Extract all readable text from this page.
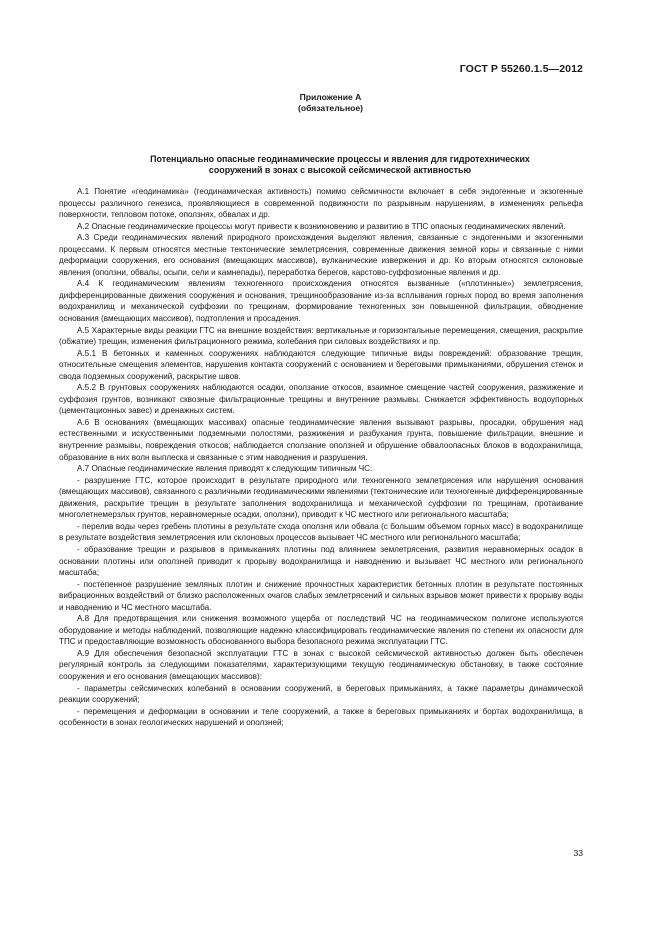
ГОСТ Р 55260.1.5—2012
Приложение А
(обязательное)
Потенциально опасные геодинамические процессы и явления для гидротехнических
сооружений в зонах с высокой сейсмической активностью

А.1 Понятие «геодинамика» (геодинамическая активность) помимо сейсмичности включает в себя эндогенные и экзогенные процессы различного генезиса, проявляющиеся в современной подвижности по разрывным нарушениям, в изменениях рельефа поверхности, тепловом потоке, оползнях, обвалах и др.

А.2 Опасные геодинамические процессы могут привести к возникновению и развитию в ТПС опасных геодинамических явлений.

А.3 Среди геодинамических явлений природного происхождения выделяют явления, связанные с эндогенными и экзогенными процессами. К первым относятся местные тектонические землетрясения, современные движения земной коры и связанные с ними деформации сооружения, его основания (вмещающих массивов), вулканические извержения и др. Ко вторым относятся склоновые явления (оползни, обвалы, осыпи, сели и камнепады), переработка берегов, карстово-суффозионные явления и др.

А.4 К геодинамическим явлениям техногенного происхождения относятся вызванные («плотинные») землетрясения, дифференцированные движения сооружения и основания, трещинообразование из-за всплывания горных пород во время заполнения водохранилищ и механической суффозии по трещинам, формирование техногенных зон повышенной фильтрации, обводнение основания (вмещающих массивов), подтопления и просадения.

А.5 Характерные виды реакции ГТС на внешние воздействия: вертикальные и горизонтальные перемещения, смещения, раскрытие (обжатие) трещин, изменения фильтрационного режима, колебания при силовых воздействиях и пр.

А.5.1 В бетонных и каменных сооружениях наблюдаются следующие типичные виды повреждений: образование трещин, относительные смещения элементов, нарушения контакта сооружений с основанием и береговыми примыканиями, обрушения стенок и свода подземных сооружений, раскрытие швов.

А.5.2 В грунтовых сооружениях наблюдаются осадки, оползание откосов, взаимное смещение частей сооружения, разжижение и суффозия грунтов, возникают сквозные фильтрационные трещины и внутренние размывы. Снижается эффективность водоупорных (цементационных завес) и дренажных систем.

А.6 В основаниях (вмещающих массивах) опасные геодинамические явления вызывают разрывы, просадки, обрушения над естественными и искусственными подземными полостями, разжижения и разбухания грунта, повышение фильтрации, внешние и внутренние размывы, повреждения откосов; наблюдается сползание оползней и обрушение обвалоопасных блоков в водохранилища, образование в них волн выплеска и связанные с этим наводнения и разрушения.

А.7 Опасные геодинамические явления приводят к следующим типичным ЧС:

- разрушение ГТС, которое происходит в результате природного или техногенного землетрясения или нарушения основания (вмещающих массивов), связанного с различными геодинамическими явлениями (тектонические или техногенные дифференцированные движения, раскрытие трещин в результате заполнения водохранилища и механической суффозии по трещинам, протаивание многолетнемерзлых грунтов, неравномерные осадки, оползни), приводит к ЧС местного или регионального масштаба;

- перелив воды через гребень плотины в результате схода оползня или обвала (с большим объемом горных масс) в водохранилище в результате воздействия землетрясения или склоновых процессов вызывает ЧС местного или регионального масштаба;

- образование трещин и разрывов в примыканиях плотины под влиянием землетрясения, развития неравномерных осадок в основании плотины или оползней приводит к прорыву водохранилища и наводнению и вызывает ЧС местного или регионального масштаба;

- постепенное разрушение земляных плотин и снижение прочностных характеристик бетонных плотин в результате постоянных вибрационных воздействий от близко расположенных очагов слабых землетрясений и сильных взрывов может привести к прорыву воды и наводнению и ЧС местного масштаба.

А.8 Для предотвращения или снижения возможного ущерба от последствий ЧС на геодинамическом полигоне используются оборудование и методы наблюдений, позволяющие надежно классифицировать геодинамические явления по степени их опасности для ТПС и предоставляющие возможность обоснованного выбора безопасного режима эксплуатации ГТС.

А.9 Для обеспечения безопасной эксплуатации ГТС в зонах с высокой сейсмической активностью должен быть обеспечен регулярный контроль за следующими показателями, характеризующими текущую геодинамическую обстановку, в также состояние сооружения и его основания (вмещающих массивов):

- параметры сейсмических колебаний в основании сооружений, в береговых примыканиях, а также параметры динамической реакции сооружений;

- перемещения и деформации в основании и теле сооружений, а также в береговых примыканиях и бортах водохранилища, в особенности в зонах геологических нарушений и оползней;

33
